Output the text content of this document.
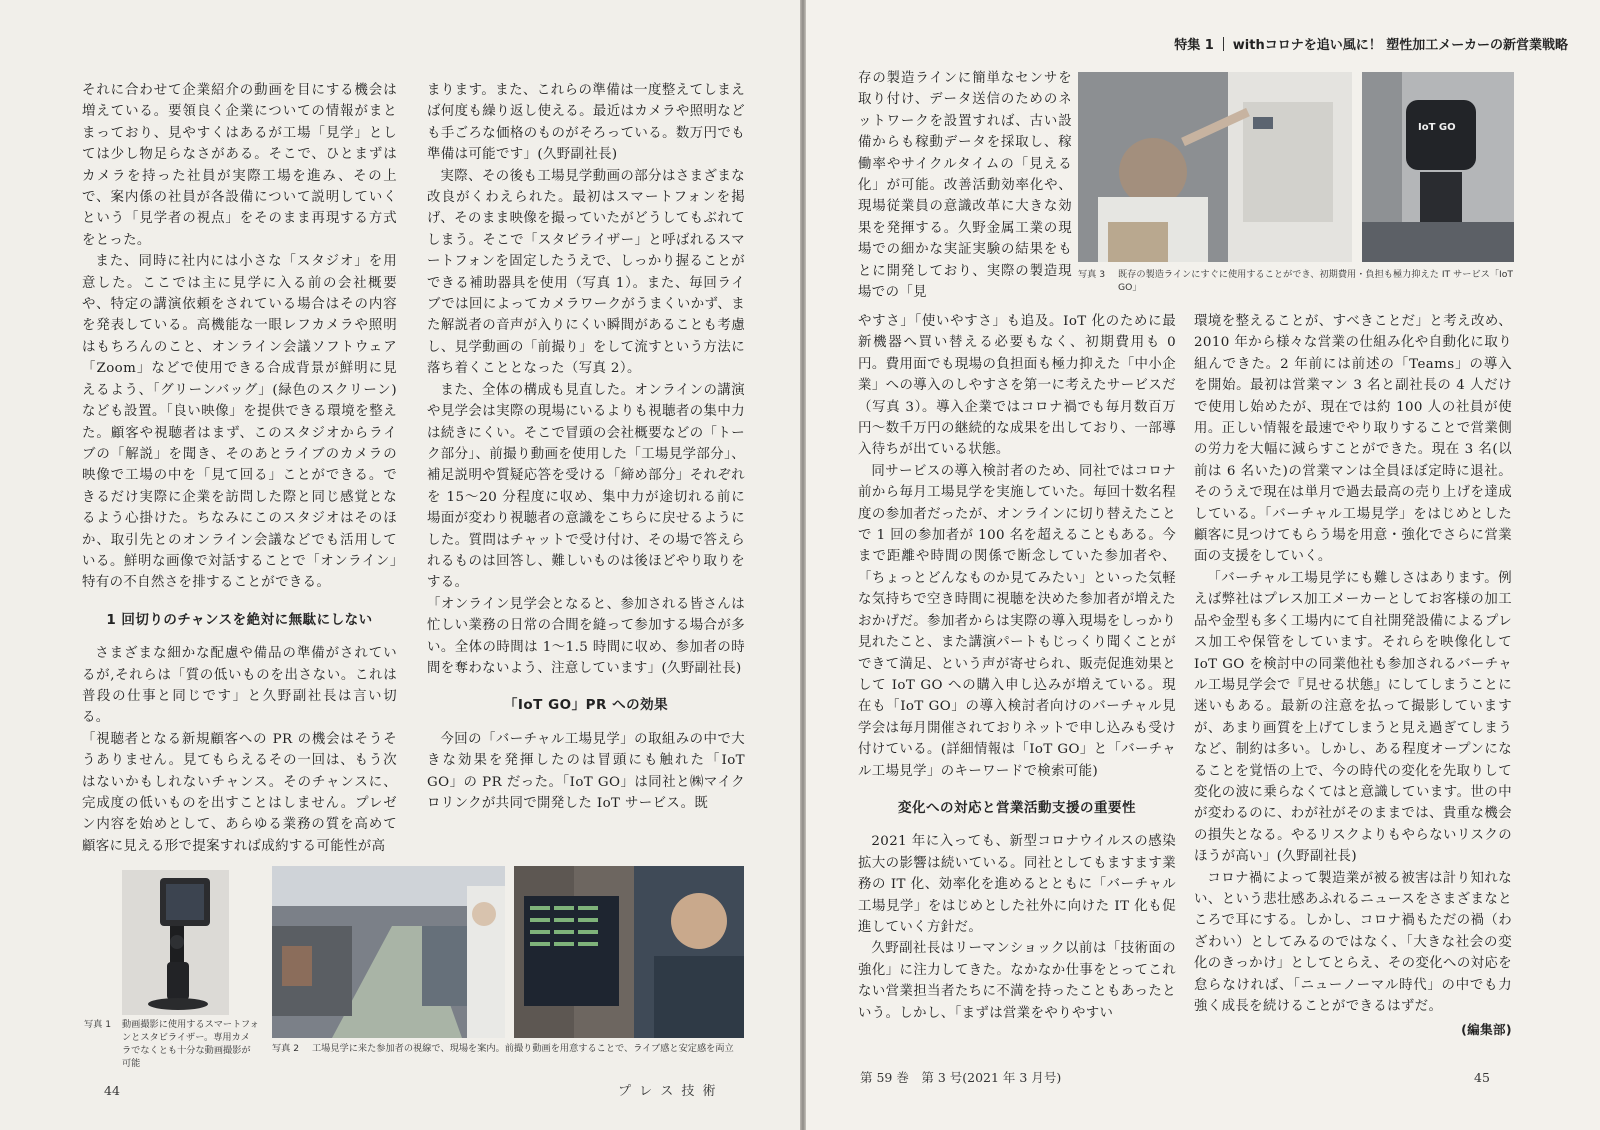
それに合わせて企業紹介の動画を目にする機会は増えている。要領良く企業についての情報がまとまっており、見やすくはあるが工場「見学」としては少し物足らなさがある。そこで、ひとまずはカメラを持った社員が実際工場を進み、その上で、案内係の社員が各設備について説明していくという「見学者の視点」をそのまま再現する方式をとった。

また、同時に社内には小さな「スタジオ」を用意した。ここでは主に見学に入る前の会社概要や、特定の講演依頼をされている場合はその内容を発表している。高機能な一眼レフカメラや照明はもちろんのこと、オンライン会議ソフトウェア「Zoom」などで使用できる合成背景が鮮明に見えるよう、「グリーンバッグ」(緑色のスクリーン)なども設置。「良い映像」を提供できる環境を整えた。顧客や視聴者はまず、このスタジオからライブの「解説」を聞き、そのあとライブのカメラの映像で工場の中を「見て回る」ことができる。できるだけ実際に企業を訪問した際と同じ感覚となるよう心掛けた。ちなみにこのスタジオはそのほか、取引先とのオンライン会議などでも活用している。鮮明な画像で対話することで「オンライン」特有の不自然さを排することができる。

1 回切りのチャンスを絶対に無駄にしない

さまざまな細かな配慮や備品の準備がされているが,それらは「質の低いものを出さない。これは普段の仕事と同じです」と久野副社長は言い切る。

「視聴者となる新規顧客への PR の機会はそうそうありません。見てもらえるその一回は、もう次はないかもしれないチャンス。そのチャンスに、完成度の低いものを出すことはしません。プレゼン内容を始めとして、あらゆる業務の質を高めて顧客に見える形で提案すれば成約する可能性が高

まります。また、これらの準備は一度整えてしまえば何度も繰り返し使える。最近はカメラや照明なども手ごろな価格のものがそろっている。数万円でも準備は可能です」(久野副社長)

実際、その後も工場見学動画の部分はさまざまな改良がくわえられた。最初はスマートフォンを掲げ、そのまま映像を撮っていたがどうしてもぶれてしまう。そこで「スタビライザー」と呼ばれるスマートフォンを固定したうえで、しっかり握ることができる補助器具を使用（写真 1）。また、毎回ライブでは回によってカメラワークがうまくいかず、また解説者の音声が入りにくい瞬間があることも考慮し、見学動画の「前撮り」をして流すという方法に落ち着くこととなった（写真 2）。

また、全体の構成も見直した。オンラインの講演や見学会は実際の現場にいるよりも視聴者の集中力は続きにくい。そこで冒頭の会社概要などの「トーク部分」、前撮り動画を使用した「工場見学部分」、補足説明や質疑応答を受ける「締め部分」それぞれを 15～20 分程度に収め、集中力が途切れる前に場面が変わり視聴者の意識をこちらに戻せるようにした。質問はチャットで受け付け、その場で答えられるものは回答し、難しいものは後ほどやり取りをする。

「オンライン見学会となると、参加される皆さんは忙しい業務の日常の合間を縫って参加する場合が多い。全体の時間は 1～1.5 時間に収め、参加者の時間を奪わないよう、注意しています」(久野副社長)

「IoT GO」PR への効果

今回の「バーチャル工場見学」の取組みの中で大きな効果を発揮したのは冒頭にも触れた「IoT GO」の PR だった。「IoT GO」は同社と㈱マイクロリンクが共同で開発した IoT サービス。既

写真 1	動画撮影に使用するスマートフォンとスタビライザー。専用カメラでなくとも十分な動画撮影が可能
写真 2	工場見学に来た参加者の視線で、現場を案内。前撮り動画を用意することで、ライブ感と安定感を両立
44	プ レ ス 技 術
特集 1 withコロナを追い風に！ 塑性加工メーカーの新営業戦略

存の製造ラインに簡単なセンサを取り付け、データ送信のためのネットワークを設置すれば、古い設備からも稼動データを採取し、稼働率やサイクルタイムの「見える化」が可能。改善活動効率化や、現場従業員の意識改革に大きな効果を発揮する。久野金属工業の現場での細かな実証実験の結果をもとに開発しており、実際の製造現場での「見

IoT GO
写真 3	既存の製造ラインにすぐに使用することができ、初期費用・負担も極力抑えた IT サービス「IoT GO」

やすさ」「使いやすさ」も追及。IoT 化のために最新機器へ買い替える必要もなく、初期費用も 0 円。費用面でも現場の負担面も極力抑えた「中小企業」への導入のしやすさを第一に考えたサービスだ（写真 3）。導入企業ではコロナ禍でも毎月数百万円～数千万円の継続的な成果を出しており、一部導入待ちが出ている状態。

同サービスの導入検討者のため、同社ではコロナ前から毎月工場見学を実施していた。毎回十数名程度の参加者だったが、オンラインに切り替えたことで 1 回の参加者が 100 名を超えることもある。今まで距離や時間の関係で断念していた参加者や、「ちょっとどんなものか見てみたい」といった気軽な気持ちで空き時間に視聴を決めた参加者が増えたおかげだ。参加者からは実際の導入現場をしっかり見れたこと、また講演パートもじっくり聞くことができて満足、という声が寄せられ、販売促進効果として IoT GO への購入申し込みが増えている。現在も「IoT GO」の導入検討者向けのバーチャル見学会は毎月開催されておりネットで申し込みも受け付けている。(詳細情報は「IoT GO」と「バーチャル工場見学」のキーワードで検索可能)

変化への対応と営業活動支援の重要性

2021 年に入っても、新型コロナウイルスの感染拡大の影響は続いている。同社としてもますます業務の IT 化、効率化を進めるとともに「バーチャル工場見学」をはじめとした社外に向けた IT 化も促進していく方針だ。

久野副社長はリーマンショック以前は「技術面の強化」に注力してきた。なかなか仕事をとってこれない営業担当者たちに不満を持ったこともあったという。しかし、「まずは営業をやりやすい

環境を整えることが、すべきことだ」と考え改め、2010 年から様々な営業の仕組み化や自動化に取り組んできた。2 年前には前述の「Teams」の導入を開始。最初は営業マン 3 名と副社長の 4 人だけで使用し始めたが、現在では約 100 人の社員が使用。正しい情報を最速でやり取りすることで営業側の労力を大幅に減らすことができた。現在 3 名(以前は 6 名いた)の営業マンは全員ほぼ定時に退社。そのうえで現在は単月で過去最高の売り上げを達成している。「バーチャル工場見学」をはじめとした顧客に見つけてもらう場を用意・強化でさらに営業面の支援をしていく。

「バーチャル工場見学にも難しさはあります。例えば弊社はプレス加工メーカーとしてお客様の加工品や金型も多く工場内にて自社開発設備によるプレス加工や保管をしています。それらを映像化して IoT GO を検討中の同業他社も参加されるバーチャル工場見学会で『見せる状態』にしてしまうことに迷いもある。最新の注意を払って撮影していますが、あまり画質を上げてしまうと見え過ぎてしまうなど、制約は多い。しかし、ある程度オープンになることを覚悟の上で、今の時代の変化を先取りして変化の波に乗らなくてはと意識しています。世の中が変わるのに、わが社がそのままでは、貴重な機会の損失となる。やるリスクよりもやらないリスクのほうが高い」(久野副社長)

コロナ禍によって製造業が被る被害は計り知れない、という悲壮感あふれるニュースをさまざまなところで耳にする。しかし、コロナ禍もただの禍（わざわい）としてみるのではなく、「大きな社会の変化のきっかけ」としてとらえ、その変化への対応を怠らなければ、「ニューノーマル時代」の中でも力強く成長を続けることができるはずだ。

(編集部)
第 59 巻　第 3 号(2021 年 3 月号)	45
